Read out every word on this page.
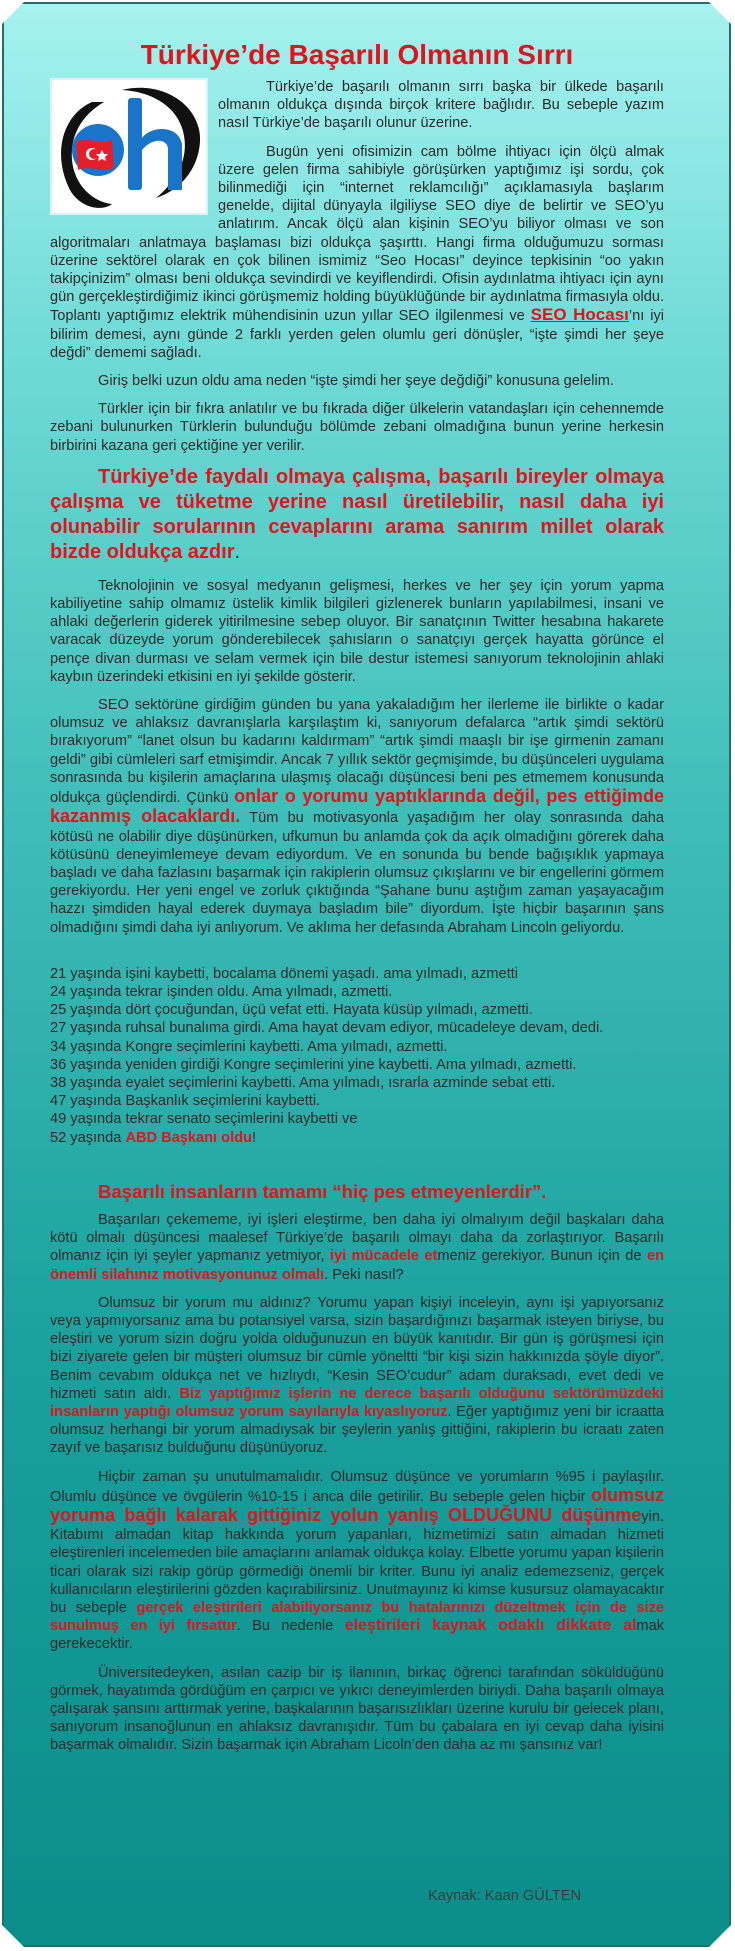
Türkiye’de Başarılı Olmanın Sırrı

Türkiye’de başarılı olmanın sırrı başka bir ülkede başarılı olmanın oldukça dışında birçok kritere bağlıdır. Bu sebeple yazım nasıl Türkiye’de başarılı olunur üzerine.

Bugün yeni ofisimizin cam bölme ihtiyacı için ölçü almak üzere gelen firma sahibiyle görüşürken yaptığımız işi sordu, çok bilinmediği için “internet reklamcılığı” açıklamasıyla başlarım genelde, dijital dünyayla ilgiliyse SEO diye de belirtir ve SEO’yu anlatırım. Ancak ölçü alan kişinin SEO’yu biliyor olması ve son algoritmaları anlatmaya başlaması bizi oldukça şaşırttı. Hangi firma olduğumuzu sorması üzerine sektörel olarak en çok bilinen ismimiz “Seo Hocası” deyince tepkisinin “oo yakın takipçinizim” olması beni oldukça sevindirdi ve keyiflendirdi. Ofisin aydınlatma ihtiyacı için aynı gün gerçekleştirdiğimiz ikinci görüşmemiz holding büyüklüğünde bir aydınlatma firmasıyla oldu. Toplantı yaptığımız elektrik mühendisinin uzun yıllar SEO ilgilenmesi ve SEO Hocası’nı iyi bilirim demesi, aynı günde 2 farklı yerden gelen olumlu geri dönüşler, “işte şimdi her şeye değdi” dememi sağladı.

Giriş belki uzun oldu ama neden “işte şimdi her şeye değdiği” konusuna gelelim.

Türkler için bir fıkra anlatılır ve bu fıkrada diğer ülkelerin vatandaşları için cehennemde zebani bulunurken Türklerin bulunduğu bölümde zebani olmadığına bunun yerine herkesin birbirini kazana geri çektiğine yer verilir.

Türkiye’de faydalı olmaya çalışma, başarılı bireyler olmaya çalışma ve tüketme yerine nasıl üretilebilir, nasıl daha iyi olunabilir sorularının cevaplarını arama sanırım millet olarak bizde oldukça azdır.

Teknolojinin ve sosyal medyanın gelişmesi, herkes ve her şey için yorum yapma kabiliyetine sahip olmamız üstelik kimlik bilgileri gizlenerek bunların yapılabilmesi, insani ve ahlaki değerlerin giderek yitirilmesine sebep oluyor. Bir sanatçının Twitter hesabına hakarete varacak düzeyde yorum gönderebilecek şahısların o sanatçıyı gerçek hayatta görünce el pençe divan durması ve selam vermek için bile destur istemesi sanıyorum teknolojinin ahlaki kaybın üzerindeki etkisini en iyi şekilde gösterir.

SEO sektörüne girdiğim günden bu yana yakaladığım her ilerleme ile birlikte o kadar olumsuz ve ahlaksız davranışlarla karşılaştım ki, sanıyorum defalarca “artık şimdi sektörü bırakıyorum” “lanet olsun bu kadarını kaldırmam” “artık şimdi maaşlı bir işe girmenin zamanı geldi” gibi cümleleri sarf etmişimdir. Ancak 7 yıllık sektör geçmişimde, bu düşünceleri uygulama sonrasında bu kişilerin amaçlarına ulaşmış olacağı düşüncesi beni pes etmemem konusunda oldukça güçlendirdi. Çünkü onlar o yorumu yaptıklarında değil, pes ettiğimde kazanmış olacaklardı. Tüm bu motivasyonla yaşadığım her olay sonrasında daha kötüsü ne olabilir diye düşünürken, ufkumun bu anlamda çok da açık olmadığını görerek daha kötüsünü deneyimlemeye devam ediyordum. Ve en sonunda bu bende bağışıklık yapmaya başladı ve daha fazlasını başarmak için rakiplerin olumsuz çıkışlarını ve bir engellerini görmem gerekiyordu. Her yeni engel ve zorluk çıktığında “Şahane bunu aştığım zaman yaşayacağım hazzı şimdiden hayal ederek duymaya başladım bile” diyordum. İşte hiçbir başarının şans olmadığını şimdi daha iyi anlıyorum. Ve aklıma her defasında Abraham Lincoln geliyordu.

21 yaşında işini kaybetti, bocalama dönemi yaşadı. ama yılmadı, azmetti
24 yaşında tekrar işinden oldu. Ama yılmadı, azmetti.
25 yaşında dört çocuğundan, üçü vefat etti. Hayata küsüp yılmadı, azmetti.
27 yaşında ruhsal bunalıma girdi. Ama hayat devam ediyor, mücadeleye devam, dedi.
34 yaşında Kongre seçimlerini kaybetti. Ama yılmadı, azmetti.
36 yaşında yeniden girdiği Kongre seçimlerini yine kaybetti. Ama yılmadı, azmetti.
38 yaşında eyalet seçimlerini kaybetti. Ama yılmadı, ısrarla azminde sebat etti.
47 yaşında Başkanlık seçimlerini kaybetti.
49 yaşında tekrar senato seçimlerini kaybetti ve
52 yaşında ABD Başkanı oldu!

Başarılı insanların tamamı “hiç pes etmeyenlerdir”.

Başarıları çekememe, iyi işleri eleştirme, ben daha iyi olmalıyım değil başkaları daha kötü olmalı düşüncesi maalesef Türkiye’de başarılı olmayı daha da zorlaştırıyor. Başarılı olmanız için iyi şeyler yapmanız yetmiyor, iyi mücadele etmeniz gerekiyor. Bunun için de en önemli silahınız motivasyonunuz olmalı. Peki nasıl?

Olumsuz bir yorum mu aldınız? Yorumu yapan kişiyi inceleyin, aynı işi yapıyorsanız veya yapmıyorsanız ama bu potansiyel varsa, sizin başardığınızı başarmak isteyen biriyse, bu eleştiri ve yorum sizin doğru yolda olduğunuzun en büyük kanıtıdır. Bir gün iş görüşmesi için bizi ziyarete gelen bir müşteri olumsuz bir cümle yöneltti “bir kişi sizin hakkınızda şöyle diyor”. Benim cevabım oldukça net ve hızlıydı, “Kesin SEO’cudur” adam duraksadı, evet dedi ve hizmeti satın aldı. Biz yaptığımız işlerin ne derece başarılı olduğunu sektörümüzdeki insanların yaptığı olumsuz yorum sayılarıyla kıyaslıyoruz. Eğer yaptığımız yeni bir icraatta olumsuz herhangi bir yorum almadıysak bir şeylerin yanlış gittiğini, rakiplerin bu icraatı zaten zayıf ve başarısız bulduğunu düşünüyoruz.

Hiçbir zaman şu unutulmamalıdır. Olumsuz düşünce ve yorumların %95 i paylaşılır. Olumlu düşünce ve övgülerin %10-15 i anca dile getirilir. Bu sebeple gelen hiçbir olumsuz yoruma bağlı kalarak gittiğiniz yolun yanlış OLDUĞUNU düşünmeyin. Kitabımı almadan kitap hakkında yorum yapanları, hizmetimizi satın almadan hizmeti eleştirenleri incelemeden bile amaçlarını anlamak oldukça kolay. Elbette yorumu yapan kişilerin ticari olarak sizi rakip görüp görmediği önemli bir kriter. Bunu iyi analiz edemezseniz, gerçek kullanıcıların eleştirilerini gözden kaçırabilirsiniz. Unutmayınız ki kimse kusursuz olamayacaktır bu sebeple gerçek eleştirileri alabiliyorsanız bu hatalarınızı düzeltmek için de size sunulmuş en iyi fırsattır. Bu nedenle eleştirileri kaynak odaklı dikkate almak gerekecektir.

Üniversitedeyken, asılan cazip bir iş ilanının, birkaç öğrenci tarafından söküldüğünü görmek, hayatımda gördüğüm en çarpıcı ve yıkıcı deneyimlerden biriydi. Daha başarılı olmaya çalışarak şansını arttırmak yerine, başkalarının başarısızlıkları üzerine kurulu bir gelecek planı, sanıyorum insanoğlunun en ahlaksız davranışıdır. Tüm bu çabalara en iyi cevap daha iyisini başarmak olmalıdır. Sizin başarmak için Abraham Licoln’den daha az mı şansınız var!

Kaynak: Kaan GÜLTEN
